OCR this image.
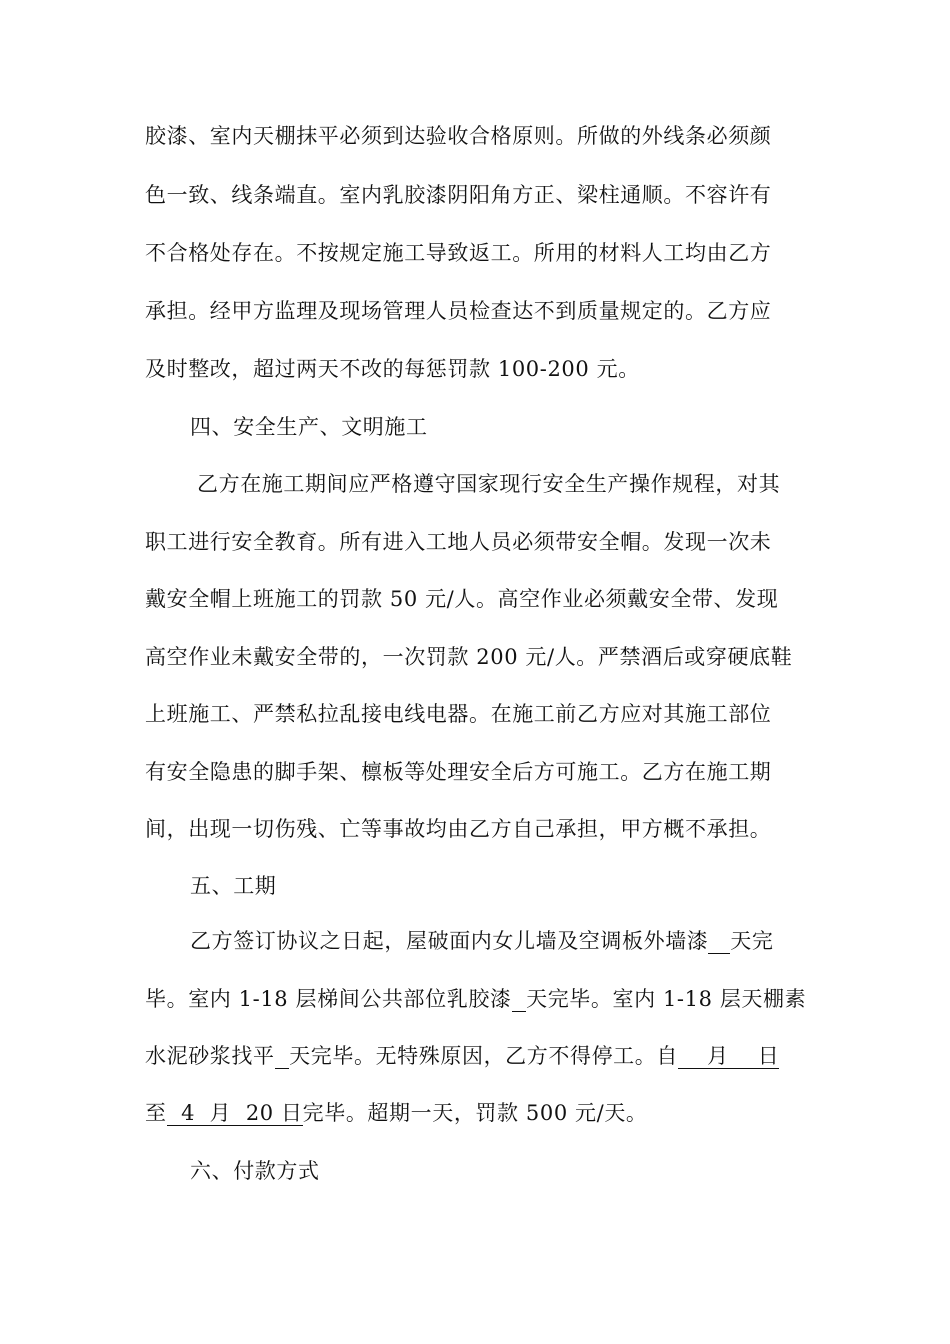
胶漆、室内天棚抹平必须到达验收合格原则。所做的外线条必须颜
色一致、线条端直。室内乳胶漆阴阳角方正、梁柱通顺。不容许有
不合格处存在。不按规定施工导致返工。所用的材料人工均由乙方
承担。经甲方监理及现场管理人员检查达不到质量规定的。乙方应
及时整改，超过两天不改的每惩罚款 100-200 元。
四、安全生产、文明施工
乙方在施工期间应严格遵守国家现行安全生产操作规程，对其
职工进行安全教育。所有进入工地人员必须带安全帽。发现一次未
戴安全帽上班施工的罚款 50 元/人。高空作业必须戴安全带、发现
高空作业未戴安全带的，一次罚款 200 元/人。严禁酒后或穿硬底鞋
上班施工、严禁私拉乱接电线电器。在施工前乙方应对其施工部位
有安全隐患的脚手架、檩板等处理安全后方可施工。乙方在施工期
间，出现一切伤残、亡等事故均由乙方自己承担，甲方概不承担。
五、工期
乙方签订协议之日起，屋破面内女儿墙及空调板外墙漆 天完
毕。室内 1-18 层梯间公共部位乳胶漆 天完毕。室内 1-18 层天棚素
水泥砂浆找平 天完毕。无特殊原因，乙方不得停工。自    月    日
至  4  月  20 日完毕。超期一天，罚款 500 元/天。
六、付款方式
